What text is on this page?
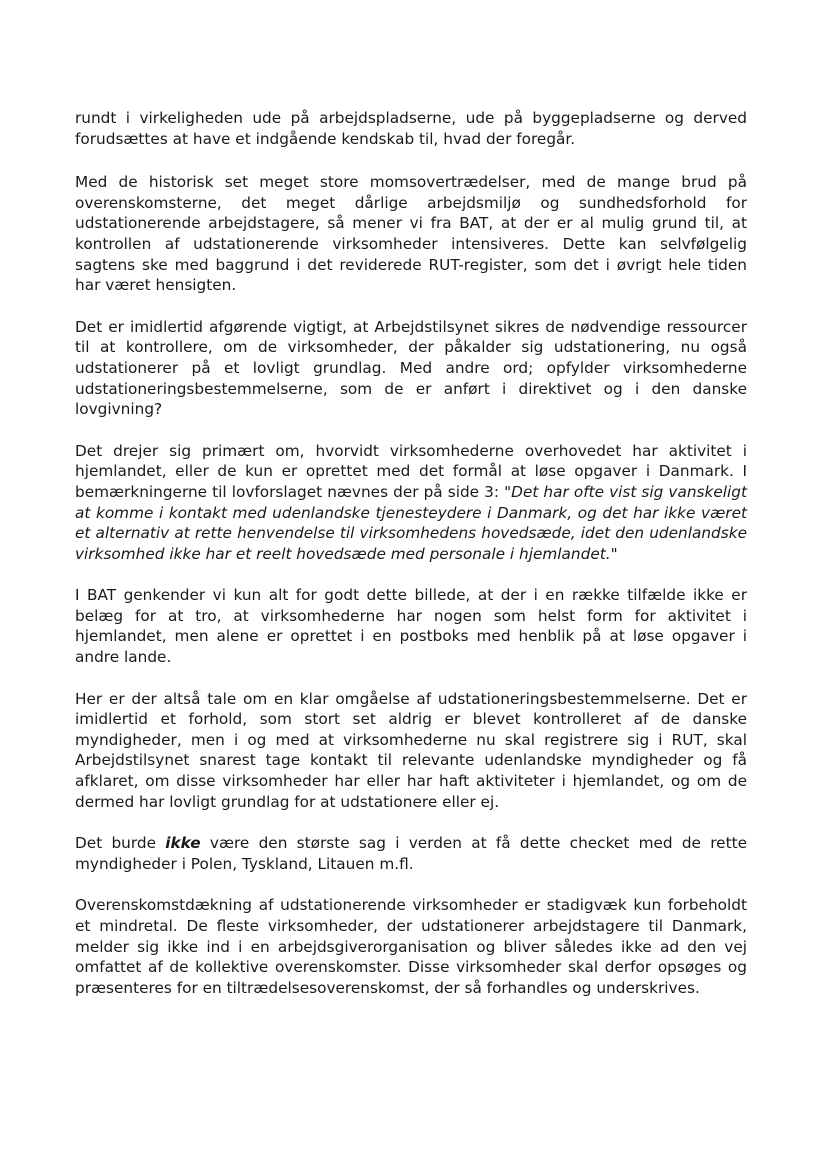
rundt i virkeligheden ude på arbejdspladserne, ude på byggepladserne og derved forudsættes at have et indgående kendskab til, hvad der foregår.

Med de historisk set meget store momsovertrædelser, med de mange brud på overenskomsterne, det meget dårlige arbejdsmiljø og sundhedsforhold for udstationerende arbejdstagere, så mener vi fra BAT, at der er al mulig grund til, at kontrollen af udstationerende virksomheder intensiveres. Dette kan selvfølgelig sagtens ske med baggrund i det reviderede RUT-register, som det i øvrigt hele tiden har været hensigten.

Det er imidlertid afgørende vigtigt, at Arbejdstilsynet sikres de nødvendige ressourcer til at kontrollere, om de virksomheder, der påkalder sig udstationering, nu også udstationerer på et lovligt grundlag. Med andre ord; opfylder virksomhederne udstationeringsbestemmelserne, som de er anført i direktivet og i den danske lovgivning?

Det drejer sig primært om, hvorvidt virksomhederne overhovedet har aktivitet i hjemlandet, eller de kun er oprettet med det formål at løse opgaver i Danmark. I bemærkningerne til lovforslaget nævnes der på side 3: "Det har ofte vist sig vanskeligt at komme i kontakt med udenlandske tjenesteydere i Danmark, og det har ikke været et alternativ at rette henvendelse til virksomhedens hovedsæde, idet den udenlandske virksomhed ikke har et reelt hovedsæde med personale i hjemlandet."

I BAT genkender vi kun alt for godt dette billede, at der i en række tilfælde ikke er belæg for at tro, at virksomhederne har nogen som helst form for aktivitet i hjemlandet, men alene er oprettet i en postboks med henblik på at løse opgaver i andre lande.

Her er der altså tale om en klar omgåelse af udstationeringsbestemmelserne. Det er imidlertid et forhold, som stort set aldrig er blevet kontrolleret af de danske myndigheder, men i og med at virksomhederne nu skal registrere sig i RUT, skal Arbejdstilsynet snarest tage kontakt til relevante udenlandske myndigheder og få afklaret, om disse virksomheder har eller har haft aktiviteter i hjemlandet, og om de dermed har lovligt grundlag for at udstationere eller ej.

Det burde ikke være den største sag i verden at få dette checket med de rette myndigheder i Polen, Tyskland, Litauen m.fl.

Overenskomstdækning af udstationerende virksomheder er stadigvæk kun forbeholdt et mindretal. De fleste virksomheder, der udstationerer arbejdstagere til Danmark, melder sig ikke ind i en arbejdsgiverorganisation og bliver således ikke ad den vej omfattet af de kollektive overenskomster. Disse virksomheder skal derfor opsøges og præsenteres for en tiltrædelsesoverenskomst, der så forhandles og underskrives.
